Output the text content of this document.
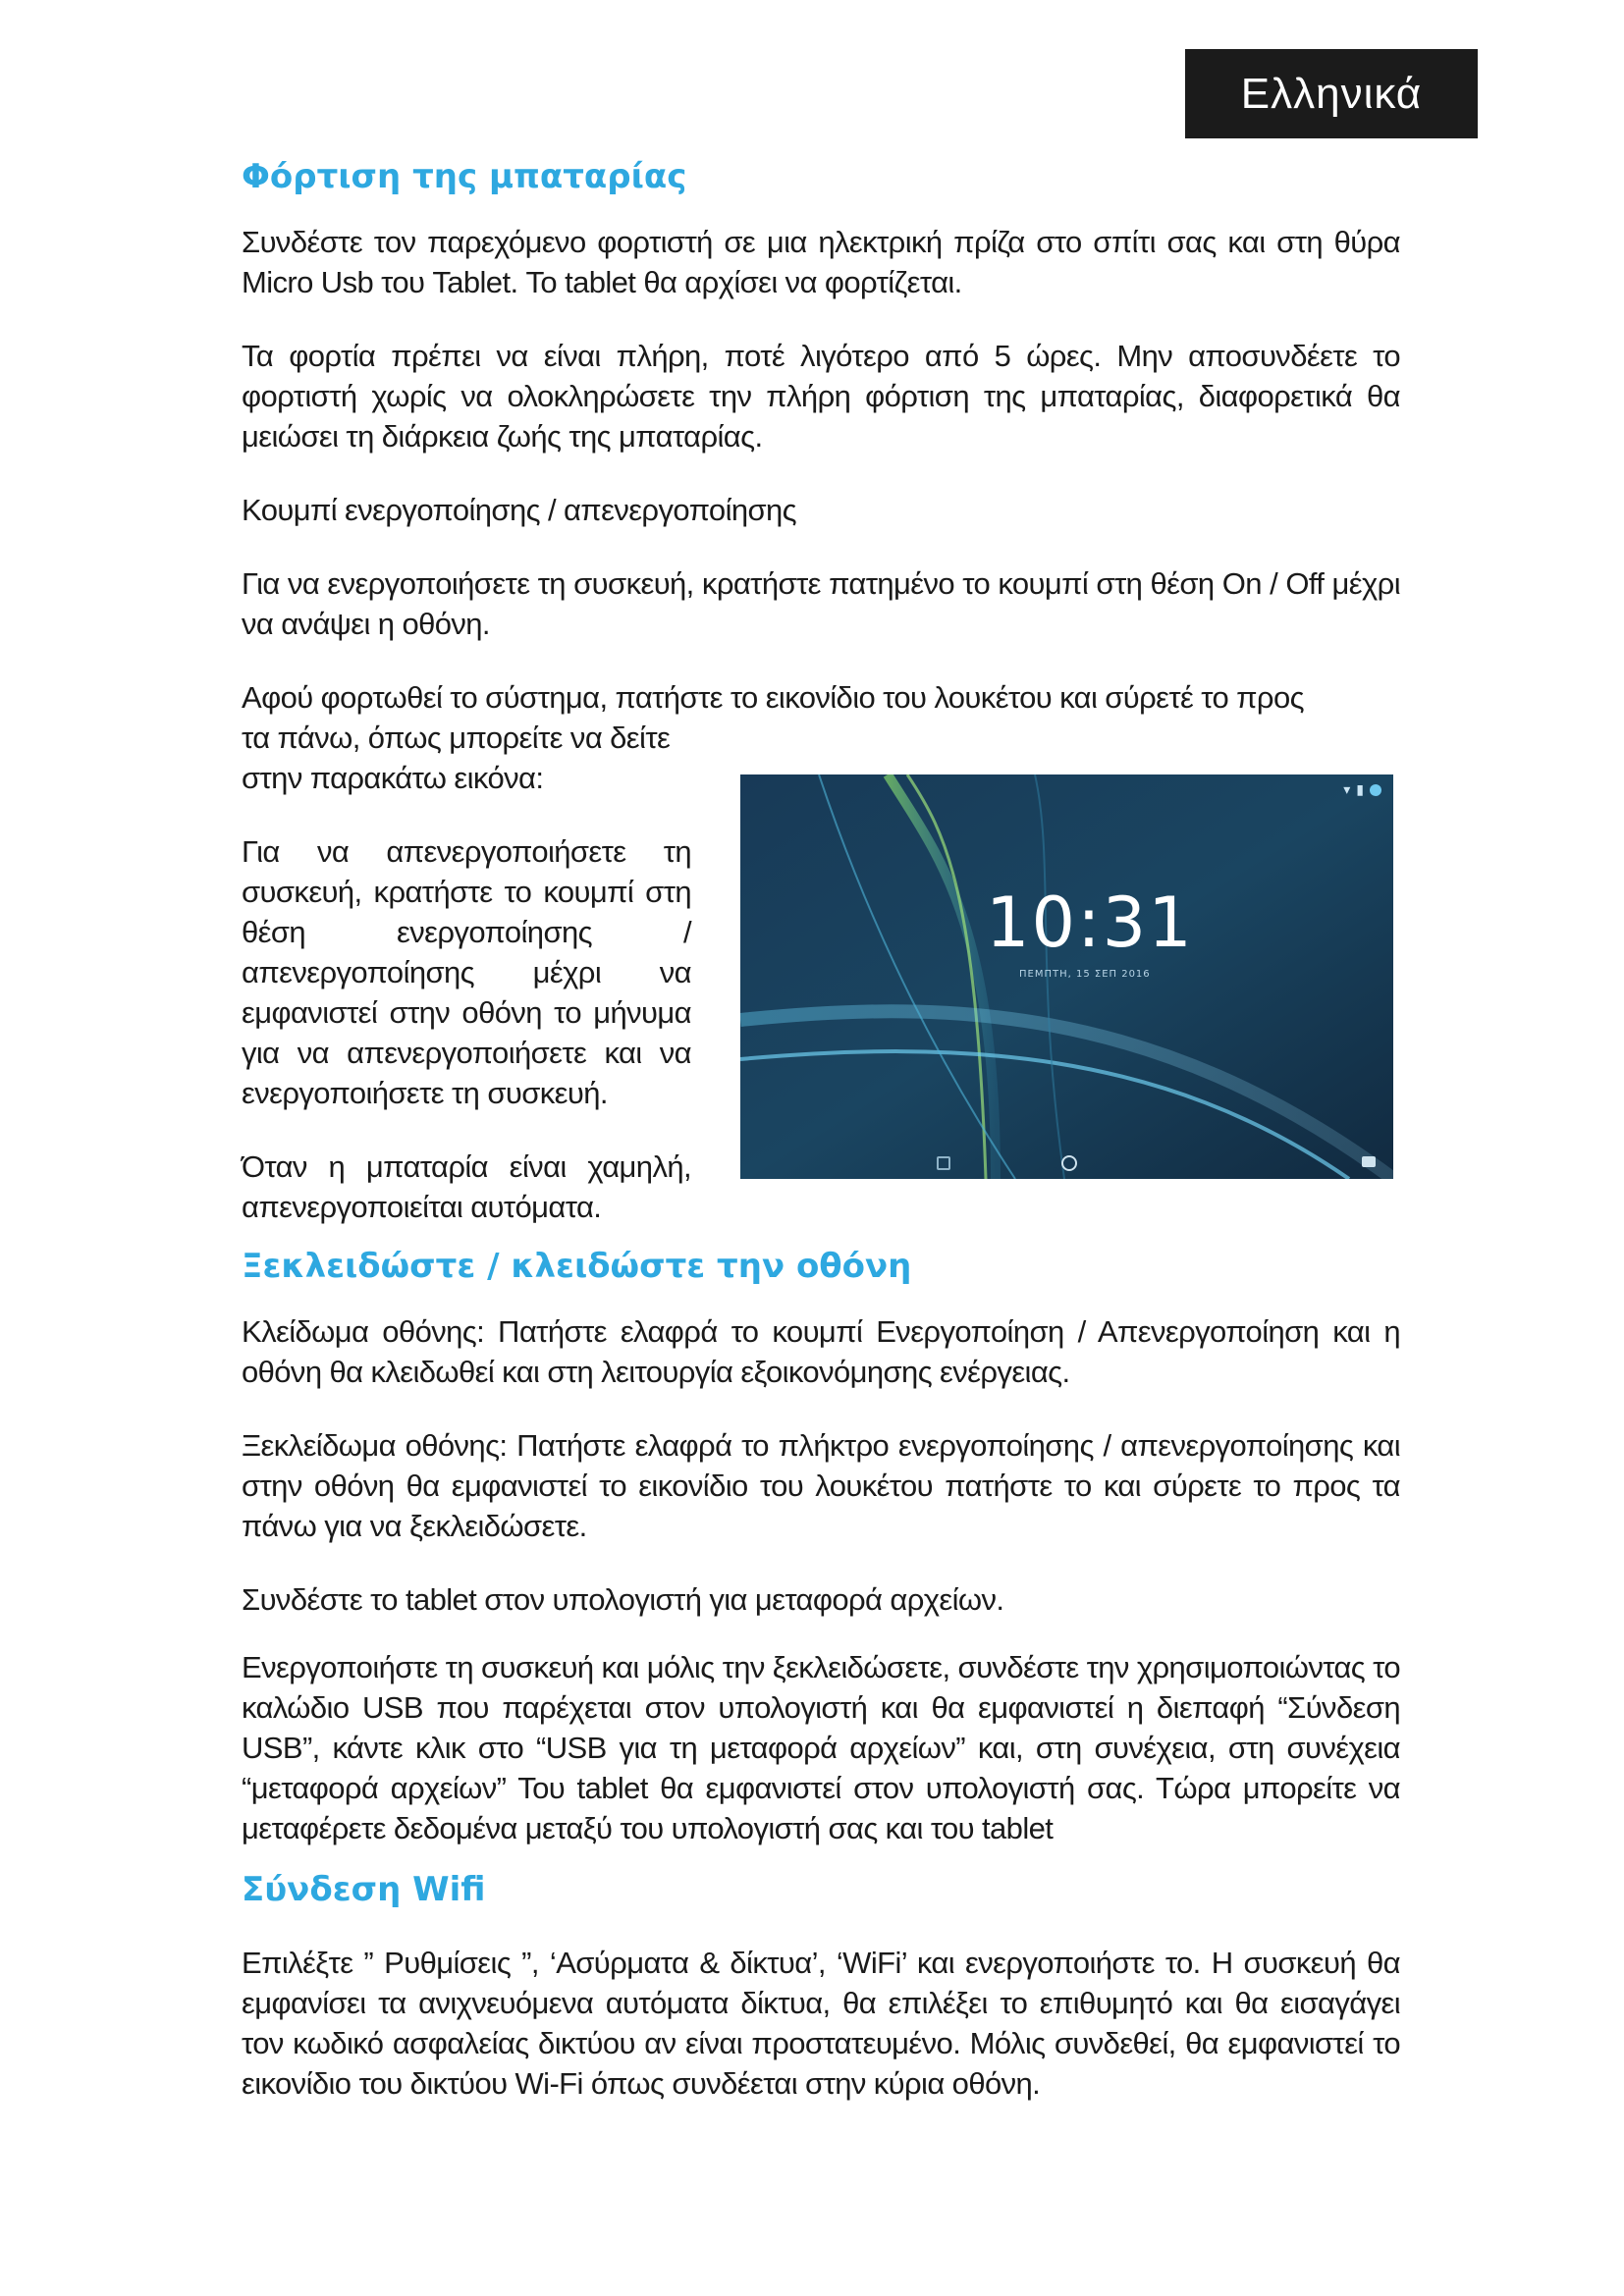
Ελληνικά
Φόρτιση της μπαταρίας

Συνδέστε τον παρεχόμενο φορτιστή σε μια ηλεκτρική πρίζα στο σπίτι σας και στη θύρα Micro Usb του Tablet. Το tablet θα αρχίσει να φορτίζεται.

Τα φορτία πρέπει να είναι πλήρη, ποτέ λιγότερο από 5 ώρες. Μην αποσυνδέετε το φορτιστή χωρίς να ολοκληρώσετε την πλήρη φόρτιση της μπαταρίας, διαφορετικά θα μειώσει τη διάρκεια ζωής της μπαταρίας.

Κουμπί ενεργοποίησης / απενεργοποίησης

Για να ενεργοποιήσετε τη συσκευή, κρατήστε πατημένο το κουμπί στη θέση On / Off μέχρι να ανάψει η οθόνη.

Αφού φορτωθεί το σύστημα, πατήστε το εικονίδιο του λουκέτου και σύρετέ το προς

τα πάνω, όπως μπορείτε να δείτε

στην παρακάτω εικόνα:

Για να απενεργοποιήσετε τη συσκευή, κρατήστε το κουμπί στη θέση ενεργοποίησης / απενεργοποίησης μέχρι να εμφανιστεί στην οθόνη το μήνυμα για να απενεργοποιήσετε και να ενεργοποιήσετε τη συσκευή.

Όταν η μπαταρία είναι χαμηλή, απενεργοποιείται αυτόματα.

▾ ▮
10:31
ΠΕΜΠΤΗ, 15 ΣΕΠ 2016
Ξεκλειδώστε / κλειδώστε την οθόνη

Κλείδωμα οθόνης: Πατήστε ελαφρά το κουμπί Ενεργοποίηση / Απενεργοποίηση και η οθόνη θα κλειδωθεί και στη λειτουργία εξοικονόμησης ενέργειας.

Ξεκλείδωμα οθόνης: Πατήστε ελαφρά το πλήκτρο ενεργοποίησης / απενεργοποίησης και στην οθόνη θα εμφανιστεί το εικονίδιο του λουκέτου πατήστε το και σύρετε το προς τα πάνω για να ξεκλειδώσετε.

Συνδέστε το tablet στον υπολογιστή για μεταφορά αρχείων.

Ενεργοποιήστε τη συσκευή και μόλις την ξεκλειδώσετε, συνδέστε την χρησιμοποιώντας το καλώδιο USB που παρέχεται στον υπολογιστή και θα εμφανιστεί η διεπαφή “Σύνδεση USB”, κάντε κλικ στο “USB για τη μεταφορά αρχείων” και, στη συνέχεια, στη συνέχεια “μεταφορά αρχείων” Του tablet θα εμφανιστεί στον υπολογιστή σας. Τώρα μπορείτε να μεταφέρετε δεδομένα μεταξύ του υπολογιστή σας και του tablet

Σύνδεση Wifi

Επιλέξτε ” Ρυθμίσεις ”, ‘Ασύρματα & δίκτυα’, ‘WiFi’ και ενεργοποιήστε το. Η συσκευή θα εμφανίσει τα ανιχνευόμενα αυτόματα δίκτυα, θα επιλέξει το επιθυμητό και θα εισαγάγει τον κωδικό ασφαλείας δικτύου αν είναι προστατευμένο. Μόλις συνδεθεί, θα εμφανιστεί το εικονίδιο του δικτύου Wi-Fi όπως συνδέεται στην κύρια οθόνη.
